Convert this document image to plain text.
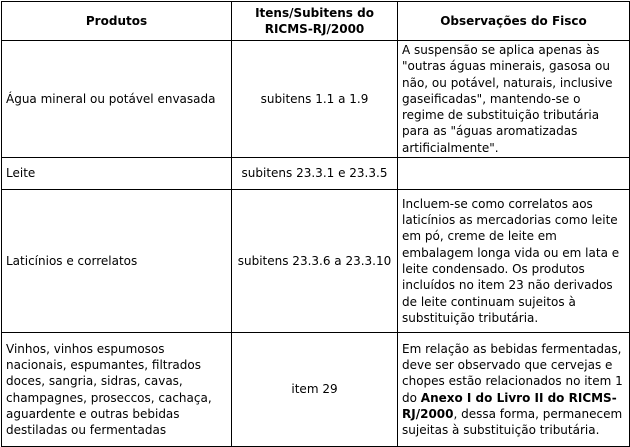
Produtos	Itens/Subitens do RICMS-RJ/2000	Observações do Fisco
Água mineral ou potável envasada	subitens 1.1 a 1.9	A suspensão se aplica apenas às "outras águas minerais, gasosa ou não, ou potável, naturais, inclusive gaseificadas", mantendo-se o regime de substituição tributária para as "águas aromatizadas artificialmente".
Leite	subitens 23.3.1 e 23.3.5	
Laticínios e correlatos	subitens 23.3.6 a 23.3.10	Incluem-se como correlatos aos laticínios as mercadorias como leite em pó, creme de leite em embalagem longa vida ou em lata e leite condensado. Os produtos incluídos no item 23 não derivados de leite continuam sujeitos à substituição tributária.
Vinhos, vinhos espumosos nacionais, espumantes, filtrados doces, sangria, sidras, cavas, champagnes, proseccos, cachaça, aguardente e outras bebidas destiladas ou fermentadas	item 29	Em relação as bebidas fermentadas, deve ser observado que cervejas e chopes estão relacionados no item 1 do Anexo I do Livro II do RICMS-RJ/2000, dessa forma, permanecem sujeitas à substituição tributária.
